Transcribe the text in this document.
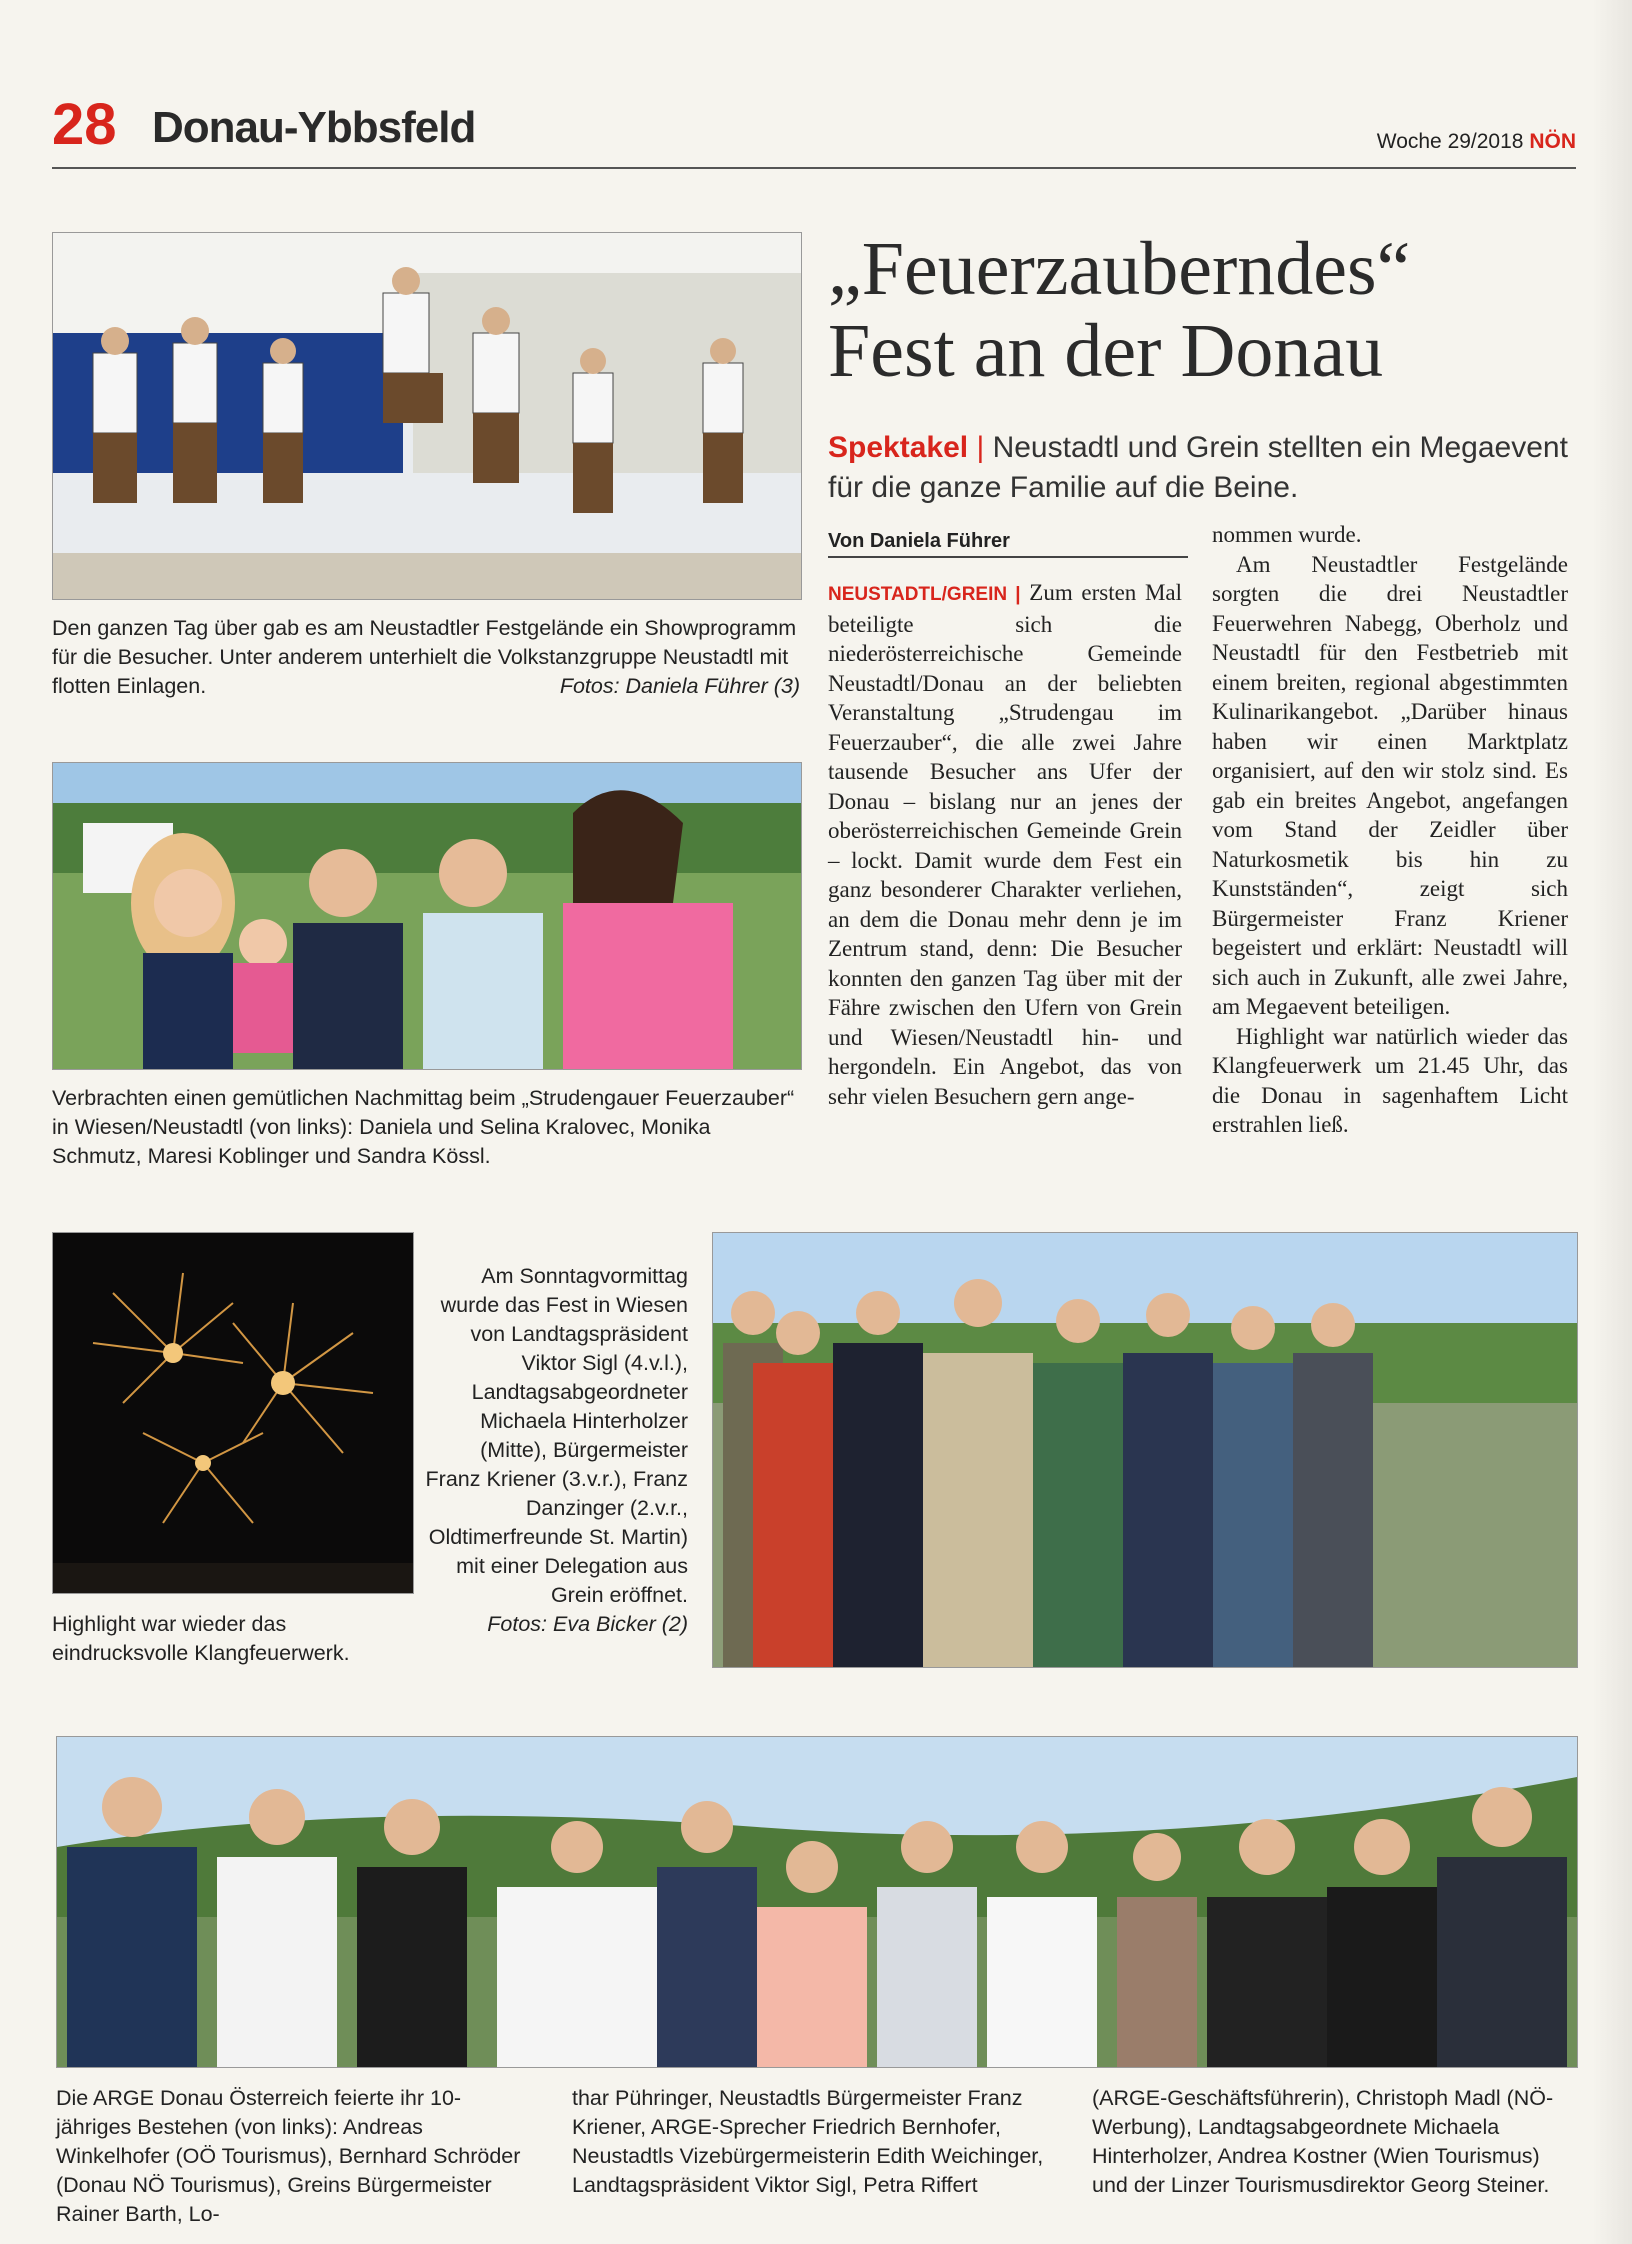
28 Donau-Ybbsfeld	Woche 29/2018 NÖN
Den ganzen Tag über gab es am Neustadtler Festgelände ein Showprogramm für die Besucher. Unter anderem unterhielt die Volkstanzgruppe Neustadtl mit flotten Einlagen.	Fotos: Daniela Führer (3)
Verbrachten einen gemütlichen Nachmittag beim „Strudengauer Feuerzauber“ in Wiesen/Neustadtl (von links): Daniela und Selina Kralovec, Monika Schmutz, Maresi Koblinger und Sandra Kössl.
„Feuerzauberndes“
Fest an der Donau
Spektakel | Neustadtl und Grein stellten ein Megaevent für die ganze Familie auf die Beine.
Von Daniela Führer

NEUSTADTL/GREIN | Zum ersten Mal beteiligte sich die niederösterreichische Gemeinde Neustadtl/Donau an der beliebten Veranstaltung „Strudengau im Feuerzauber“, die alle zwei Jahre tausende Besucher ans Ufer der Donau – bislang nur an jenes der oberösterreichischen Gemeinde Grein – lockt. Damit wurde dem Fest ein ganz besonderer Charakter verliehen, an dem die Donau mehr denn je im Zentrum stand, denn: Die Besucher konnten den ganzen Tag über mit der Fähre zwischen den Ufern von Grein und Wiesen/Neustadtl hin- und hergondeln. Ein Angebot, das von sehr vielen Besuchern gern ange-

nommen wurde.

Am Neustadtler Festgelände sorgten die drei Neustadtler Feuerwehren Nabegg, Oberholz und Neustadtl für den Festbetrieb mit einem breiten, regional abgestimmten Kulinarikangebot. „Darüber hinaus haben wir einen Marktplatz organisiert, auf den wir stolz sind. Es gab ein breites Angebot, angefangen vom Stand der Zeidler über Naturkosmetik bis hin zu Kunstständen“, zeigt sich Bürgermeister Franz Kriener begeistert und erklärt: Neustadtl will sich auch in Zukunft, alle zwei Jahre, am Megaevent beteiligen.

Highlight war natürlich wieder das Klangfeuerwerk um 21.45 Uhr, das die Donau in sagenhaftem Licht erstrahlen ließ.

Highlight war wieder das eindrucksvolle Klangfeuerwerk.
Am Sonntagvormittag wurde das Fest in Wiesen von Landtagspräsident Viktor Sigl (4.v.l.), Landtagsabgeordneter Michaela Hinterholzer (Mitte), Bürgermeister Franz Kriener (3.v.r.), Franz Danzinger (2.v.r., Oldtimerfreunde St. Martin) mit einer Delegation aus Grein eröffnet.
Fotos: Eva Bicker (2)
Die ARGE Donau Österreich feierte ihr 10-jähriges Bestehen (von links): Andreas Winkelhofer (OÖ Tourismus), Bernhard Schröder (Donau NÖ Tourismus), Greins Bürgermeister Rainer Barth, Lo-
thar Pühringer, Neustadtls Bürgermeister Franz Kriener, ARGE-Sprecher Friedrich Bernhofer, Neustadtls Vizebürgermeisterin Edith Weichinger, Landtagspräsident Viktor Sigl, Petra Riffert
(ARGE-Geschäftsführerin), Christoph Madl (NÖ-Werbung), Landtagsabgeordnete Michaela Hinterholzer, Andrea Kostner (Wien Tourismus) und der Linzer Tourismusdirektor Georg Steiner.
